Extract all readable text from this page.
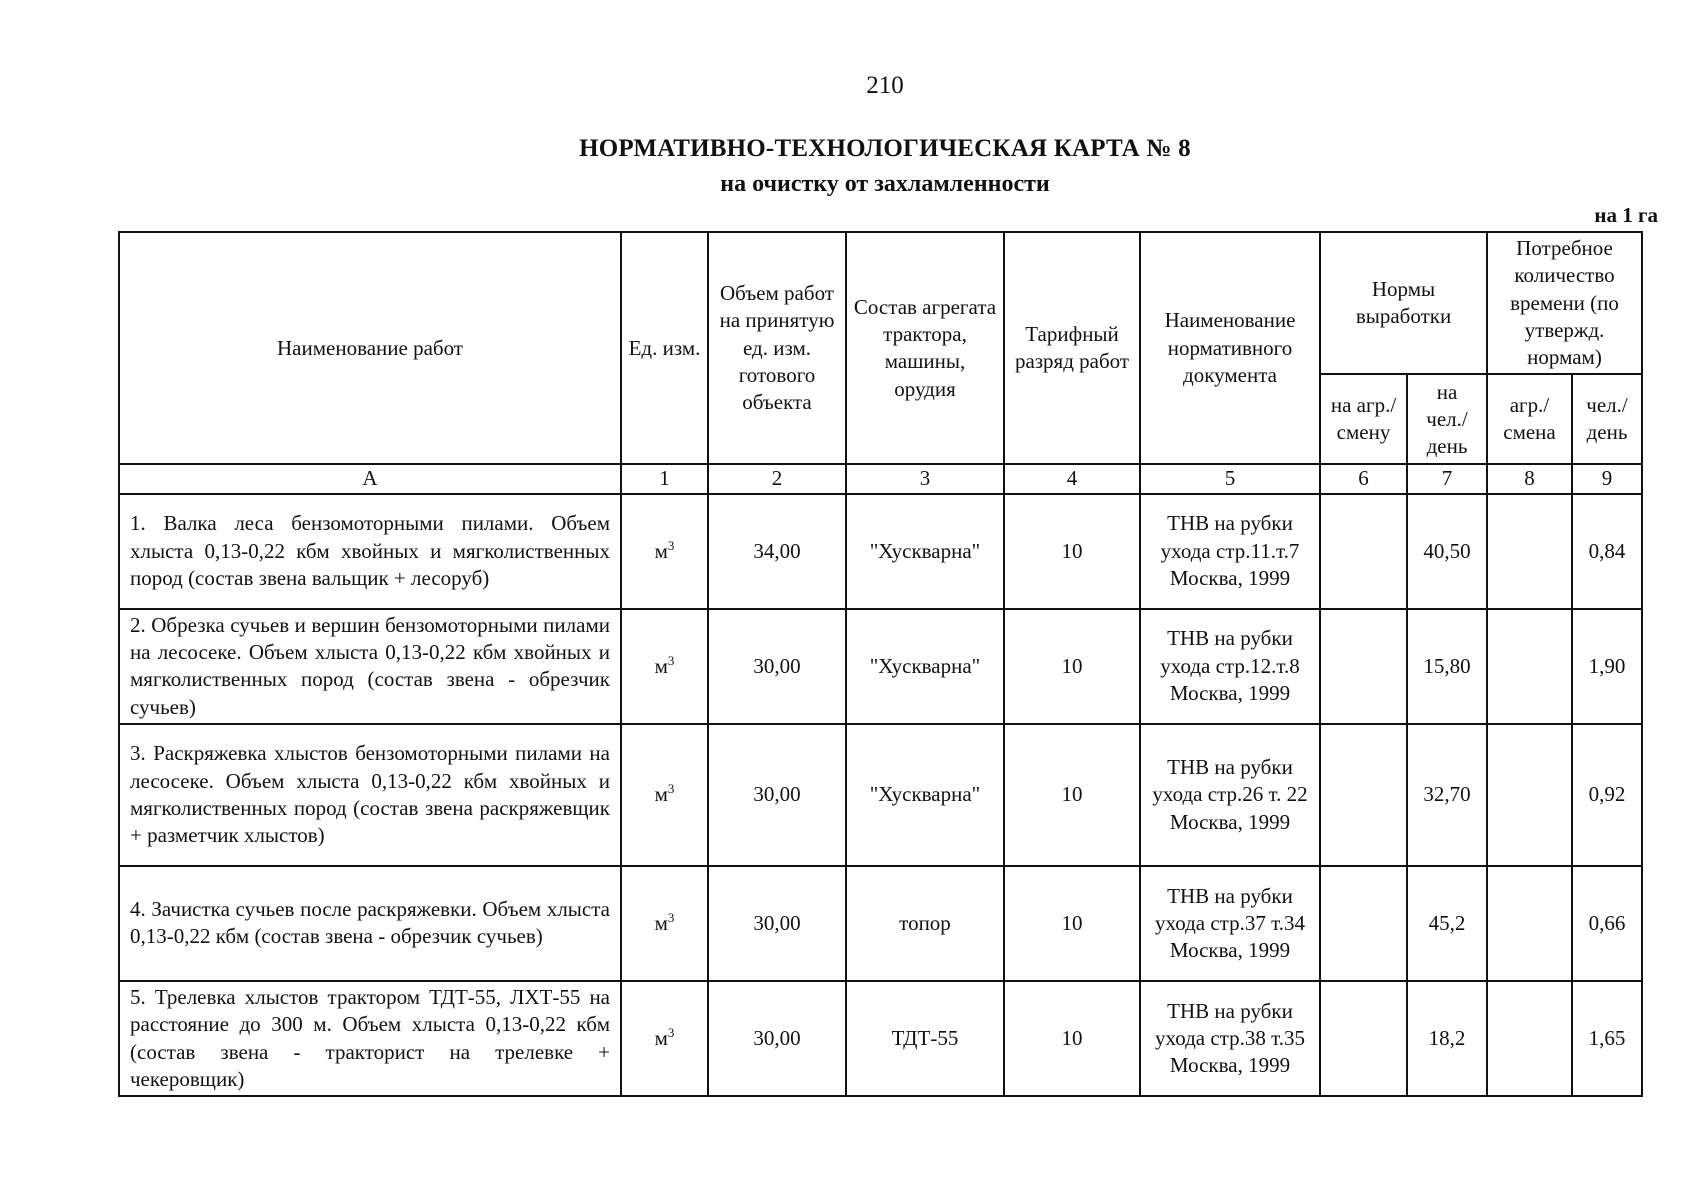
210
НОРМАТИВНО-ТЕХНОЛОГИЧЕСКАЯ КАРТА № 8
на очистку от захламленности
на 1 га
Наименование работ	Ед. изм.	Объем работ на принятую ед. изм. готового объекта	Состав агрегата трактора, машины, орудия	Тарифный разряд работ	Наименование нормативного документа	Нормы выработки		Потребное количество времени (по утвержд. нормам)	
						на агр./ смену	на чел./ день	агр./ смена	чел./ день
А	1	2	3	4	5	6	7	8	9
1. Валка леса бензомоторными пилами. Объем хлыста 0,13-0,22 кбм хвойных и мягколиственных пород (состав звена вальщик + лесоруб)	$м^3$	34,00	"Хускварна"	10	ТНВ на рубки ухода стр.11.т.7 Москва, 1999		40,50		0,84
2. Обрезка сучьев и вершин бензомоторными пилами на лесосеке. Объем хлыста 0,13-0,22 кбм хвойных и мягколиственных пород (состав звена - обрезчик сучьев)	$м^3$	30,00	"Хускварна"	10	ТНВ на рубки ухода стр.12.т.8 Москва, 1999		15,80		1,90
3. Раскряжевка хлыстов бензомоторными пилами на лесосеке. Объем хлыста 0,13-0,22 кбм хвойных и мягколиственных пород (состав звена раскряжевщик + разметчик хлыстов)	$м^3$	30,00	"Хускварна"	10	ТНВ на рубки ухода стр.26 т. 22 Москва, 1999		32,70		0,92
4. Зачистка сучьев после раскряжевки. Объем хлыста 0,13-0,22 кбм (состав звена - обрезчик сучьев)	$м^3$	30,00	топор	10	ТНВ на рубки ухода стр.37 т.34 Москва, 1999		45,2		0,66
5. Трелевка хлыстов трактором ТДТ-55, ЛХТ-55 на расстояние до 300 м. Объем хлыста 0,13-0,22 кбм (состав звена - тракторист на трелевке + чекеровщик)	$м^3$	30,00	ТДТ-55	10	ТНВ на рубки ухода стр.38 т.35 Москва, 1999		18,2		1,65
